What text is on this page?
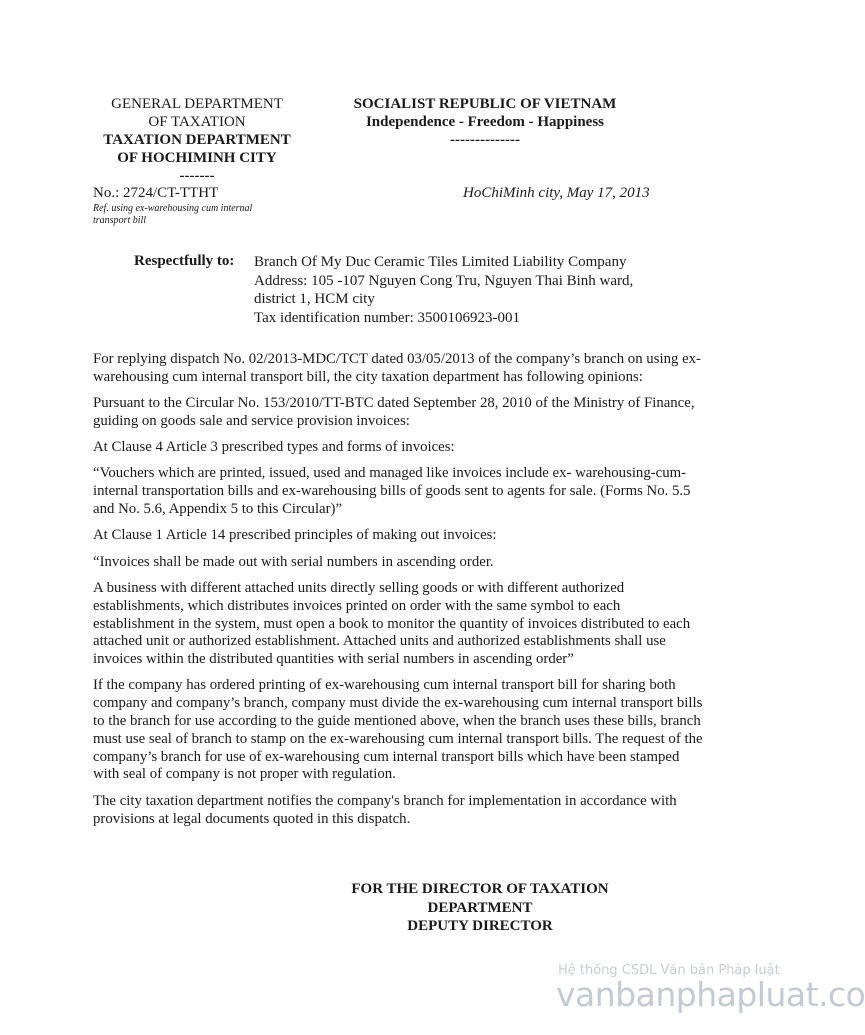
GENERAL DEPARTMENT
OF TAXATION
TAXATION DEPARTMENT
OF HOCHIMINH CITY
-------
SOCIALIST REPUBLIC OF VIETNAM
Independence - Freedom - Happiness
--------------
No.: 2724/CT-TTHT
Ref. using ex-warehousing cum internal transport bill
HoChiMinh city, May 17, 2013
Respectfully to: Branch Of My Duc Ceramic Tiles Limited Liability Company
Address: 105 -107 Nguyen Cong Tru, Nguyen Thai Binh ward,
district 1, HCM city
Tax identification number: 3500106923-001

For replying dispatch No. 02/2013-MDC/TCT dated 03/05/2013 of the company’s branch on using ex-warehousing cum internal transport bill, the city taxation department has following opinions:

Pursuant to the Circular No. 153/2010/TT-BTC dated September 28, 2010 of the Ministry of Finance, guiding on goods sale and service provision invoices:

At Clause 4 Article 3 prescribed types and forms of invoices:

“Vouchers which are printed, issued, used and managed like invoices include ex- warehousing-cum-internal transportation bills and ex-warehousing bills of goods sent to agents for sale. (Forms No. 5.5 and No. 5.6, Appendix 5 to this Circular)”

At Clause 1 Article 14 prescribed principles of making out invoices:

“Invoices shall be made out with serial numbers in ascending order.

A business with different attached units directly selling goods or with different authorized establishments, which distributes invoices printed on order with the same symbol to each establishment in the system, must open a book to monitor the quantity of invoices distributed to each attached unit or authorized establishment. Attached units and authorized establishments shall use invoices within the distributed quantities with serial numbers in ascending order”

If the company has ordered printing of ex-warehousing cum internal transport bill for sharing both company and company’s branch, company must divide the ex-warehousing cum internal transport bills to the branch for use according to the guide mentioned above, when the branch uses these bills, branch must use seal of branch to stamp on the ex-warehousing cum internal transport bills. The request of the company’s branch for use of ex-warehousing cum internal transport bills which have been stamped with seal of company is not proper with regulation.

The city taxation department notifies the company's branch for implementation in accordance with provisions at legal documents quoted in this dispatch.

FOR THE DIRECTOR OF TAXATION
DEPARTMENT
DEPUTY DIRECTOR
Hệ thống CSDL Văn bản Pháp luật
vanbanphapluat.co
